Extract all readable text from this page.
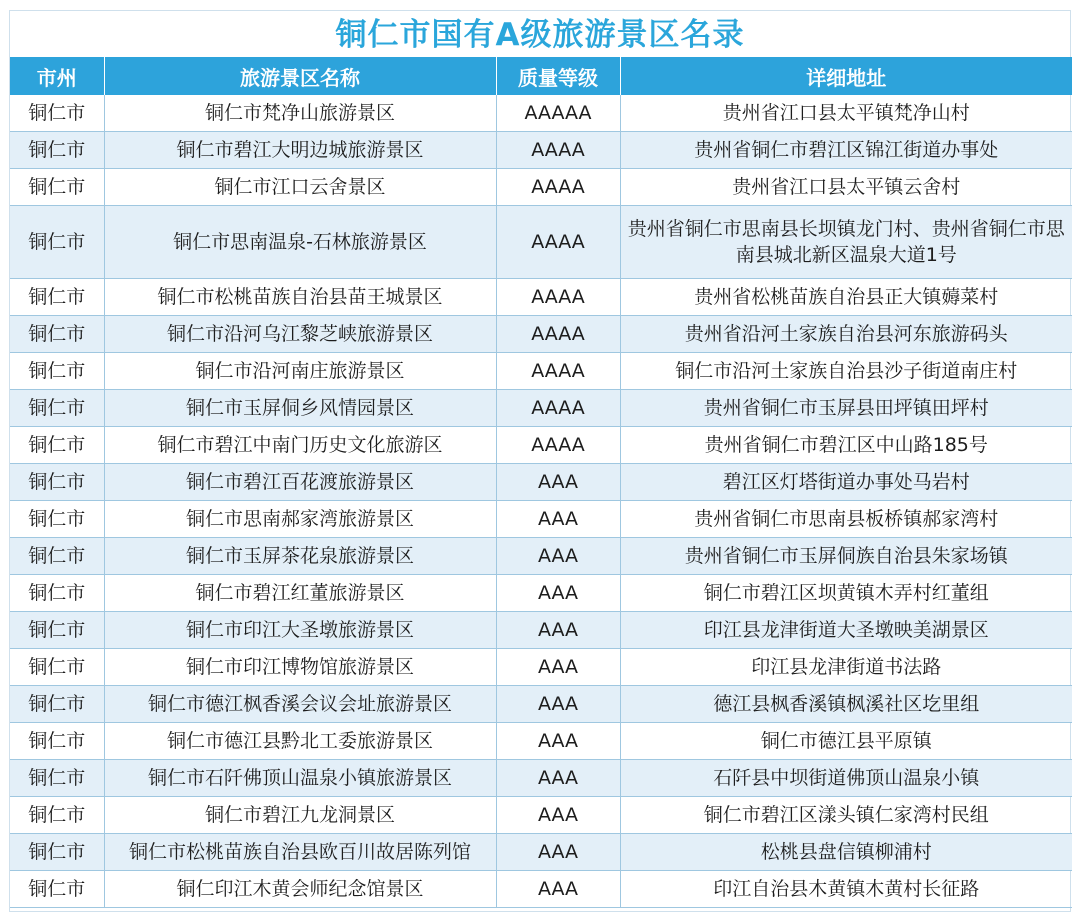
铜仁市国有A级旅游景区名录
市州	旅游景区名称	质量等级	详细地址
铜仁市	铜仁市梵净山旅游景区	AAAAA	贵州省江口县太平镇梵净山村
铜仁市	铜仁市碧江大明边城旅游景区	AAAA	贵州省铜仁市碧江区锦江街道办事处
铜仁市	铜仁市江口云舍景区	AAAA	贵州省江口县太平镇云舍村
铜仁市	铜仁市思南温泉-石林旅游景区	AAAA	贵州省铜仁市思南县长坝镇龙门村、贵州省铜仁市思南县城北新区温泉大道1号
铜仁市	铜仁市松桃苗族自治县苗王城景区	AAAA	贵州省松桃苗族自治县正大镇薅菜村
铜仁市	铜仁市沿河乌江黎芝峡旅游景区	AAAA	贵州省沿河土家族自治县河东旅游码头
铜仁市	铜仁市沿河南庄旅游景区	AAAA	铜仁市沿河土家族自治县沙子街道南庄村
铜仁市	铜仁市玉屏侗乡风情园景区	AAAA	贵州省铜仁市玉屏县田坪镇田坪村
铜仁市	铜仁市碧江中南门历史文化旅游区	AAAA	贵州省铜仁市碧江区中山路185号
铜仁市	铜仁市碧江百花渡旅游景区	AAA	碧江区灯塔街道办事处马岩村
铜仁市	铜仁市思南郝家湾旅游景区	AAA	贵州省铜仁市思南县板桥镇郝家湾村
铜仁市	铜仁市玉屏茶花泉旅游景区	AAA	贵州省铜仁市玉屏侗族自治县朱家场镇
铜仁市	铜仁市碧江红董旅游景区	AAA	铜仁市碧江区坝黄镇木弄村红董组
铜仁市	铜仁市印江大圣墩旅游景区	AAA	印江县龙津街道大圣墩映美湖景区
铜仁市	铜仁市印江博物馆旅游景区	AAA	印江县龙津街道书法路
铜仁市	铜仁市德江枫香溪会议会址旅游景区	AAA	德江县枫香溪镇枫溪社区圪里组
铜仁市	铜仁市德江县黔北工委旅游景区	AAA	铜仁市德江县平原镇
铜仁市	铜仁市石阡佛顶山温泉小镇旅游景区	AAA	石阡县中坝街道佛顶山温泉小镇
铜仁市	铜仁市碧江九龙洞景区	AAA	铜仁市碧江区漾头镇仁家湾村民组
铜仁市	铜仁市松桃苗族自治县欧百川故居陈列馆	AAA	松桃县盘信镇柳浦村
铜仁市	铜仁印江木黄会师纪念馆景区	AAA	印江自治县木黄镇木黄村长征路
